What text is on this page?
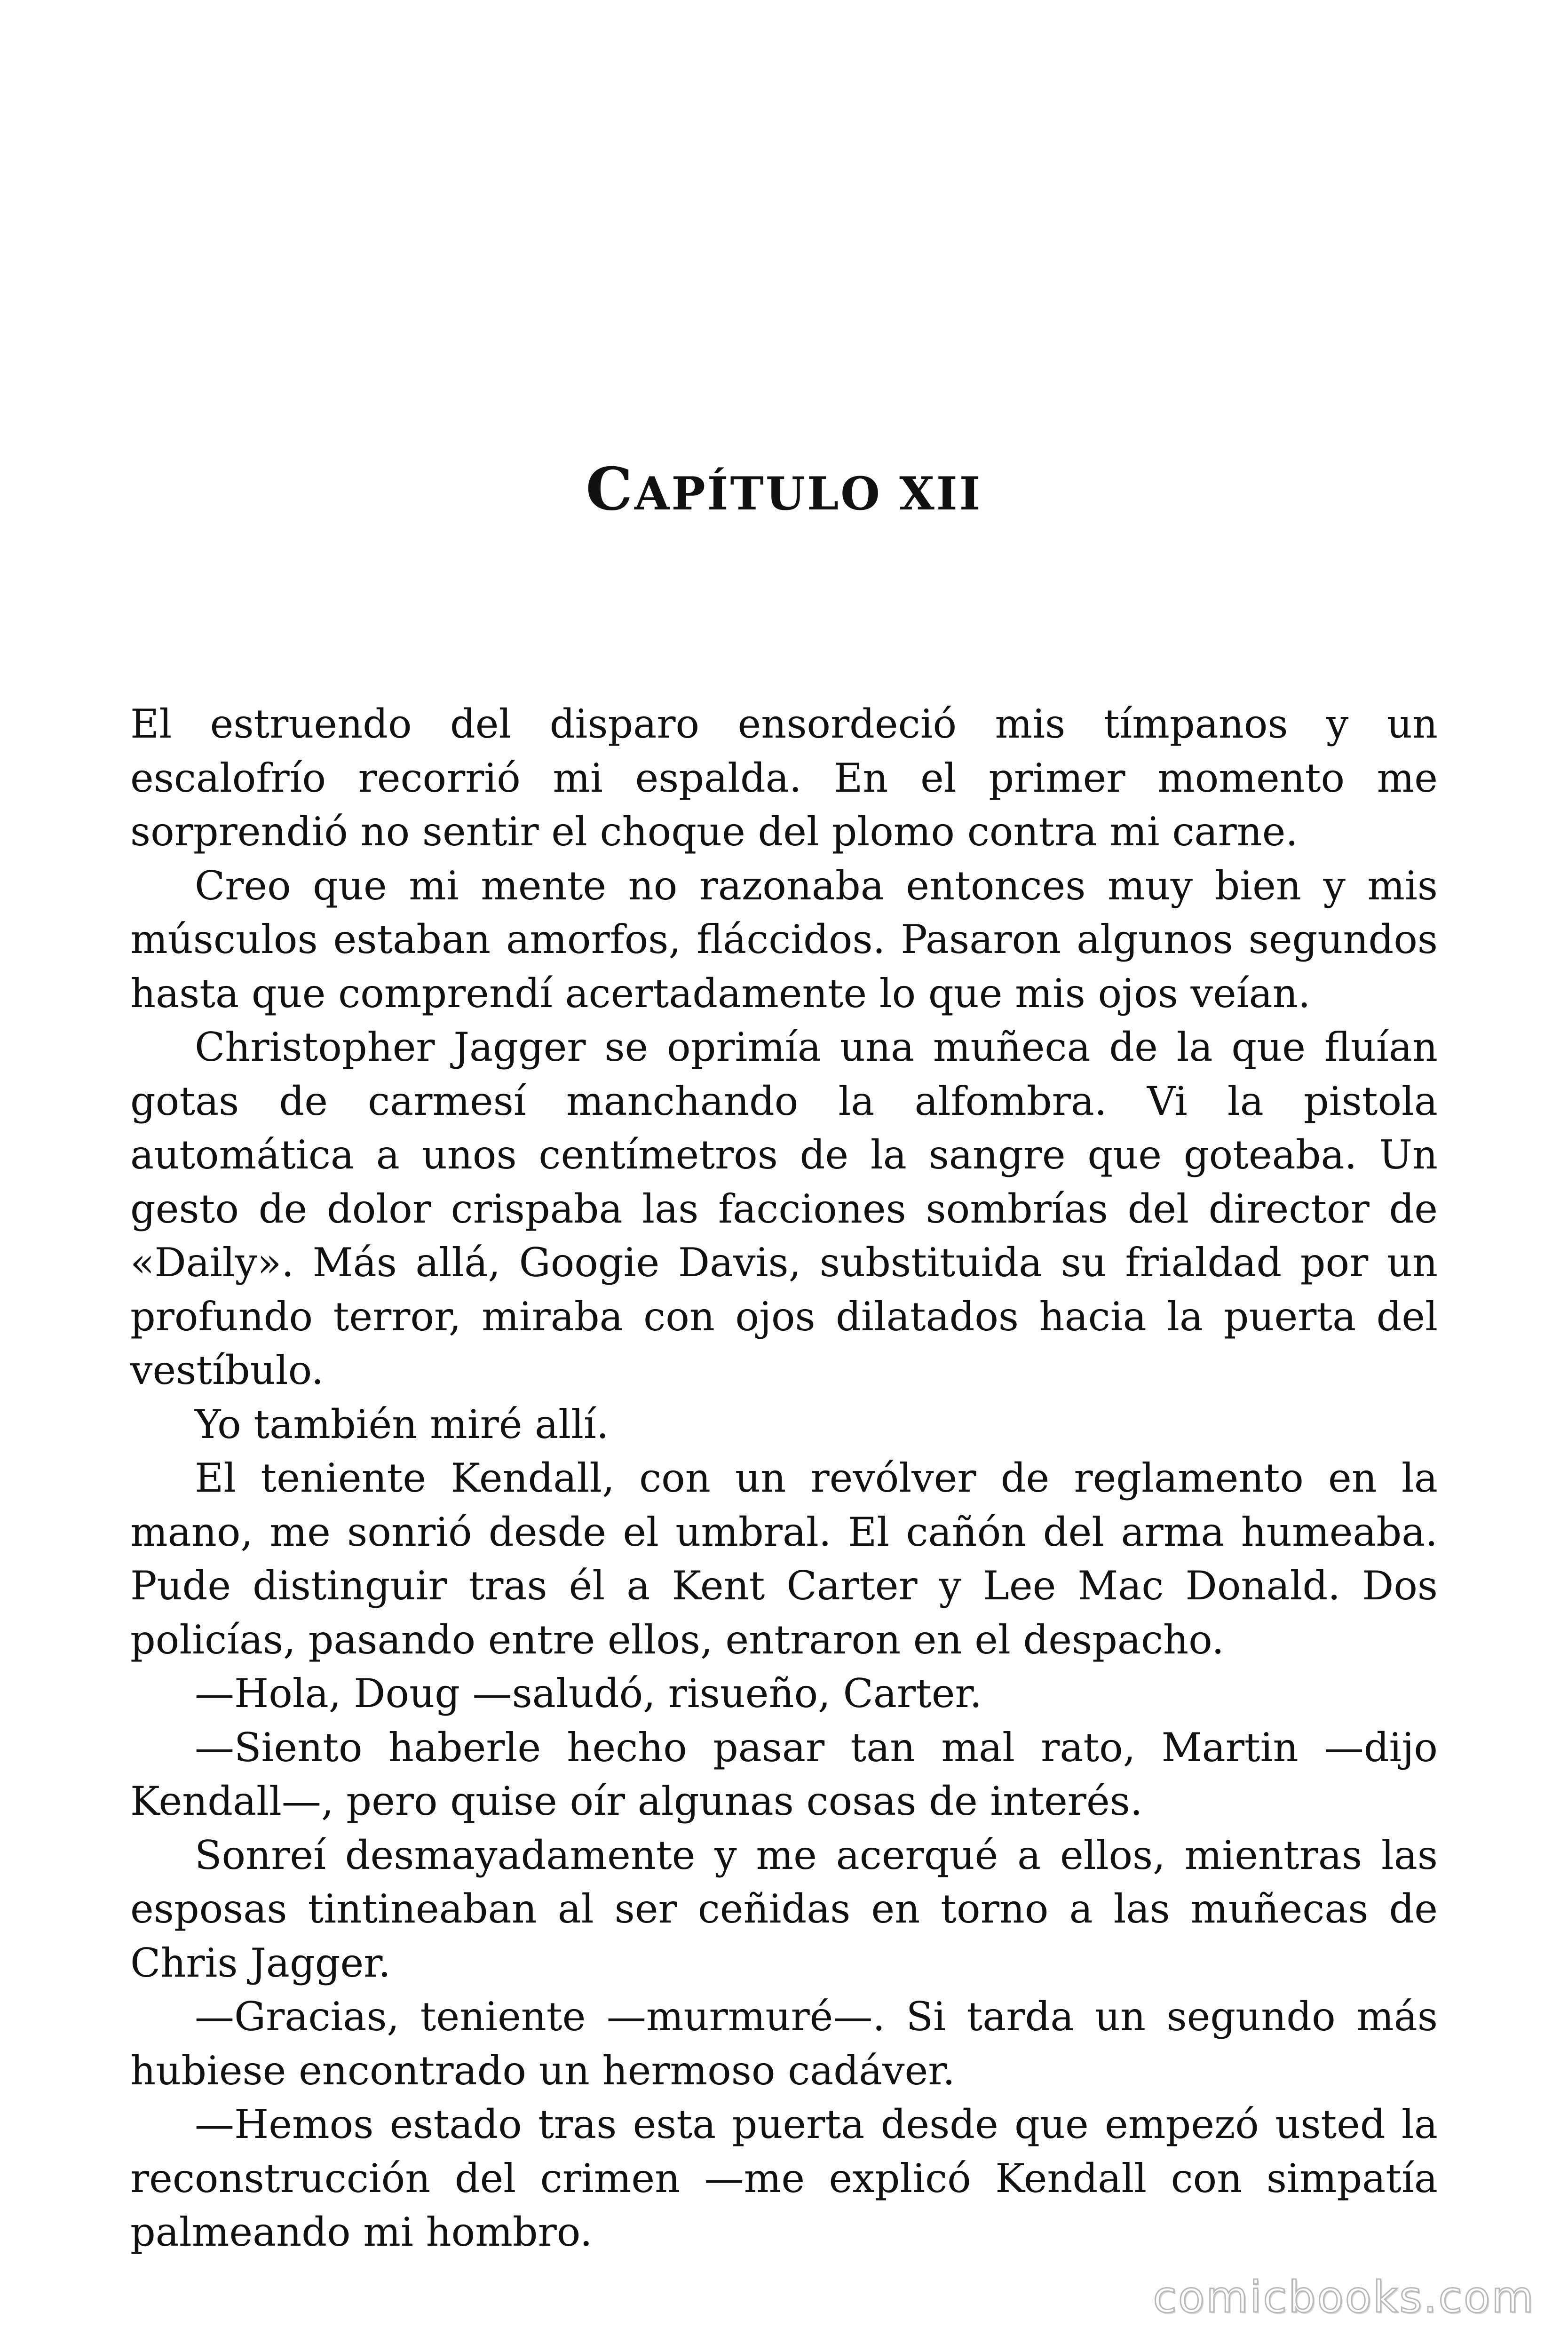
CAPÍTULO XII

El estruendo del disparo ensordeció mis tímpanos y un escalofrío recorrió mi espalda. En el primer momento me sorprendió no sentir el choque del plomo contra mi carne.

Creo que mi mente no razonaba entonces muy bien y mis músculos estaban amorfos, fláccidos. Pasaron algunos segundos hasta que comprendí acertadamente lo que mis ojos veían.

Christopher Jagger se oprimía una muñeca de la que fluían gotas de carmesí manchando la alfombra. Vi la pistola automática a unos centímetros de la sangre que goteaba. Un gesto de dolor crispaba las facciones sombrías del director de «Daily». Más allá, Googie Davis, substituida su frialdad por un profundo terror, miraba con ojos dilatados hacia la puerta del vestíbulo.

Yo también miré allí.

El teniente Kendall, con un revólver de reglamento en la mano, me sonrió desde el umbral. El cañón del arma humeaba. Pude distinguir tras él a Kent Carter y Lee Mac Donald. Dos policías, pasando entre ellos, entraron en el despacho.

—Hola, Doug —saludó, risueño, Carter.

—Siento haberle hecho pasar tan mal rato, Martin —dijo Kendall—, pero quise oír algunas cosas de interés.

Sonreí desmayadamente y me acerqué a ellos, mientras las esposas tintineaban al ser ceñidas en torno a las muñecas de Chris Jagger.

—Gracias, teniente —murmuré—. Si tarda un segundo más hubiese encontrado un hermoso cadáver.

—Hemos estado tras esta puerta desde que empezó usted la reconstrucción del crimen —me explicó Kendall con simpatía palmeando mi hombro.

comicbooks.com
